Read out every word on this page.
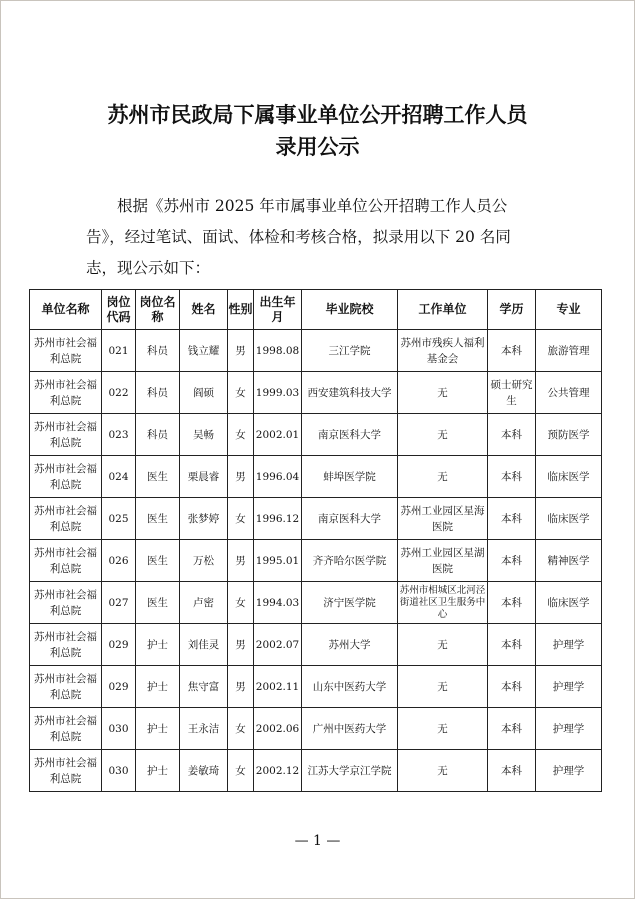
苏州市民政局下属事业单位公开招聘工作人员
录用公示
根据《苏州市 2025 年市属事业单位公开招聘工作人员公
告》，经过笔试、面试、体检和考核合格，拟录用以下 20 名同
志，现公示如下：
单位名称	岗位代码	岗位名称	姓名	性别	出生年月	毕业院校	工作单位	学历	专业
苏州市社会福利总院	021	科员	钱立耀	男	1998.08	三江学院	苏州市残疾人福利基金会	本科	旅游管理
苏州市社会福利总院	022	科员	阎硕	女	1999.03	西安建筑科技大学	无	硕士研究生	公共管理
苏州市社会福利总院	023	科员	吴畅	女	2002.01	南京医科大学	无	本科	预防医学
苏州市社会福利总院	024	医生	栗晨睿	男	1996.04	蚌埠医学院	无	本科	临床医学
苏州市社会福利总院	025	医生	张梦婷	女	1996.12	南京医科大学	苏州工业园区星海医院	本科	临床医学
苏州市社会福利总院	026	医生	万松	男	1995.01	齐齐哈尔医学院	苏州工业园区星湖医院	本科	精神医学
苏州市社会福利总院	027	医生	卢密	女	1994.03	济宁医学院	苏州市相城区北河泾街道社区卫生服务中心	本科	临床医学
苏州市社会福利总院	029	护士	刘佳灵	男	2002.07	苏州大学	无	本科	护理学
苏州市社会福利总院	029	护士	焦守富	男	2002.11	山东中医药大学	无	本科	护理学
苏州市社会福利总院	030	护士	王永洁	女	2002.06	广州中医药大学	无	本科	护理学
苏州市社会福利总院	030	护士	姜敏琦	女	2002.12	江苏大学京江学院	无	本科	护理学
— 1 —
